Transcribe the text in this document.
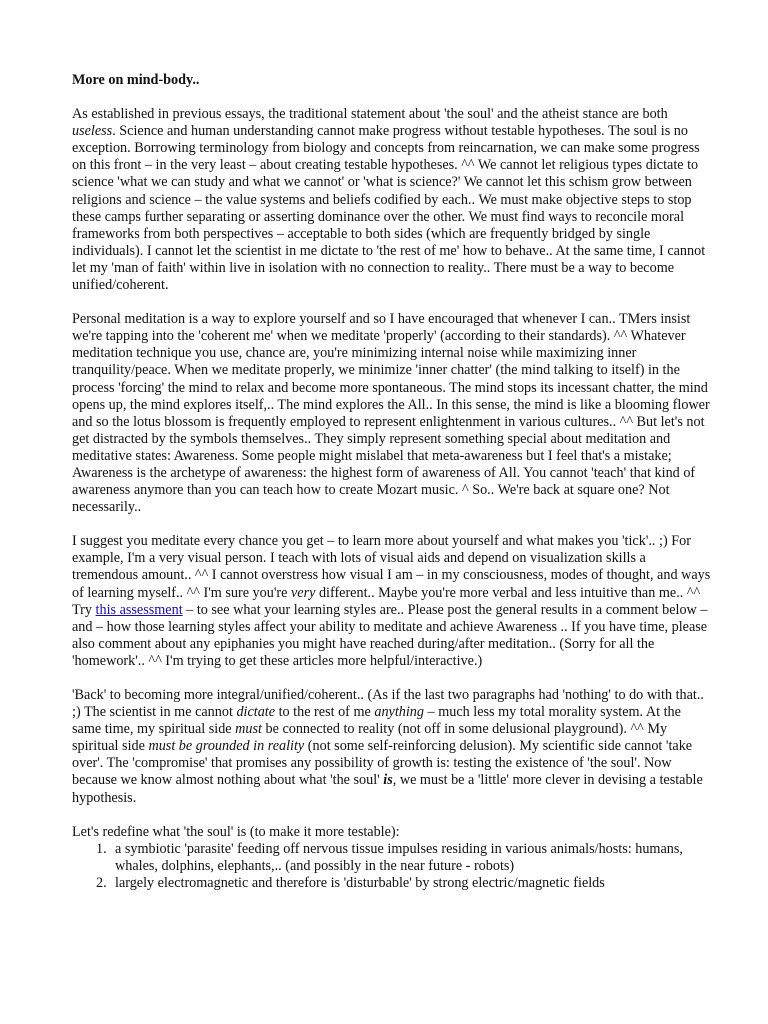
More on mind-body..

As established in previous essays, the traditional statement about 'the soul' and the atheist stance are both useless. Science and human understanding cannot make progress without testable hypotheses. The soul is no exception. Borrowing terminology from biology and concepts from reincarnation, we can make some progress on this front – in the very least – about creating testable hypotheses. ^^ We cannot let religious types dictate to science 'what we can study and what we cannot' or 'what is science?' We cannot let this schism grow between religions and science – the value systems and beliefs codified by each.. We must make objective steps to stop these camps further separating or asserting dominance over the other. We must find ways to reconcile moral frameworks from both perspectives – acceptable to both sides (which are frequently bridged by single individuals). I cannot let the scientist in me dictate to 'the rest of me' how to behave.. At the same time, I cannot let my 'man of faith' within live in isolation with no connection to reality.. There must be a way to become unified/coherent.

Personal meditation is a way to explore yourself and so I have encouraged that whenever I can.. TMers insist we're tapping into the 'coherent me' when we meditate 'properly' (according to their standards). ^^ Whatever meditation technique you use, chance are, you're minimizing internal noise while maximizing inner tranquility/peace. When we meditate properly, we minimize 'inner chatter' (the mind talking to itself) in the process 'forcing' the mind to relax and become more spontaneous. The mind stops its incessant chatter, the mind opens up, the mind explores itself,.. The mind explores the All.. In this sense, the mind is like a blooming flower and so the lotus blossom is frequently employed to represent enlightenment in various cultures.. ^^ But let's not get distracted by the symbols themselves.. They simply represent something special about meditation and meditative states: Awareness. Some people might mislabel that meta-awareness but I feel that's a mistake; Awareness is the archetype of awareness: the highest form of awareness of All. You cannot 'teach' that kind of awareness anymore than you can teach how to create Mozart music. ^ So.. We're back at square one? Not necessarily..

I suggest you meditate every chance you get – to learn more about yourself and what makes you 'tick'.. ;) For example, I'm a very visual person. I teach with lots of visual aids and depend on visualization skills a tremendous amount.. ^^ I cannot overstress how visual I am – in my consciousness, modes of thought, and ways of learning myself.. ^^ I'm sure you're very different.. Maybe you're more verbal and less intuitive than me.. ^^ Try this assessment – to see what your learning styles are.. Please post the general results in a comment below – and – how those learning styles affect your ability to meditate and achieve Awareness .. If you have time, please also comment about any epiphanies you might have reached during/after meditation.. (Sorry for all the 'homework'.. ^^ I'm trying to get these articles more helpful/interactive.)

'Back' to becoming more integral/unified/coherent.. (As if the last two paragraphs had 'nothing' to do with that.. ;) The scientist in me cannot dictate to the rest of me anything – much less my total morality system. At the same time, my spiritual side must be connected to reality (not off in some delusional playground). ^^ My spiritual side must be grounded in reality (not some self-reinforcing delusion). My scientific side cannot 'take over'. The 'compromise' that promises any possibility of growth is: testing the existence of 'the soul'. Now because we know almost nothing about what 'the soul' is, we must be a 'little' more clever in devising a testable hypothesis.

Let's redefine what 'the soul' is (to make it more testable):

1. a symbiotic 'parasite' feeding off nervous tissue impulses residing in various animals/hosts: humans, whales, dolphins, elephants,.. (and possibly in the near future - robots)
2. largely electromagnetic and therefore is 'disturbable' by strong electric/magnetic fields
